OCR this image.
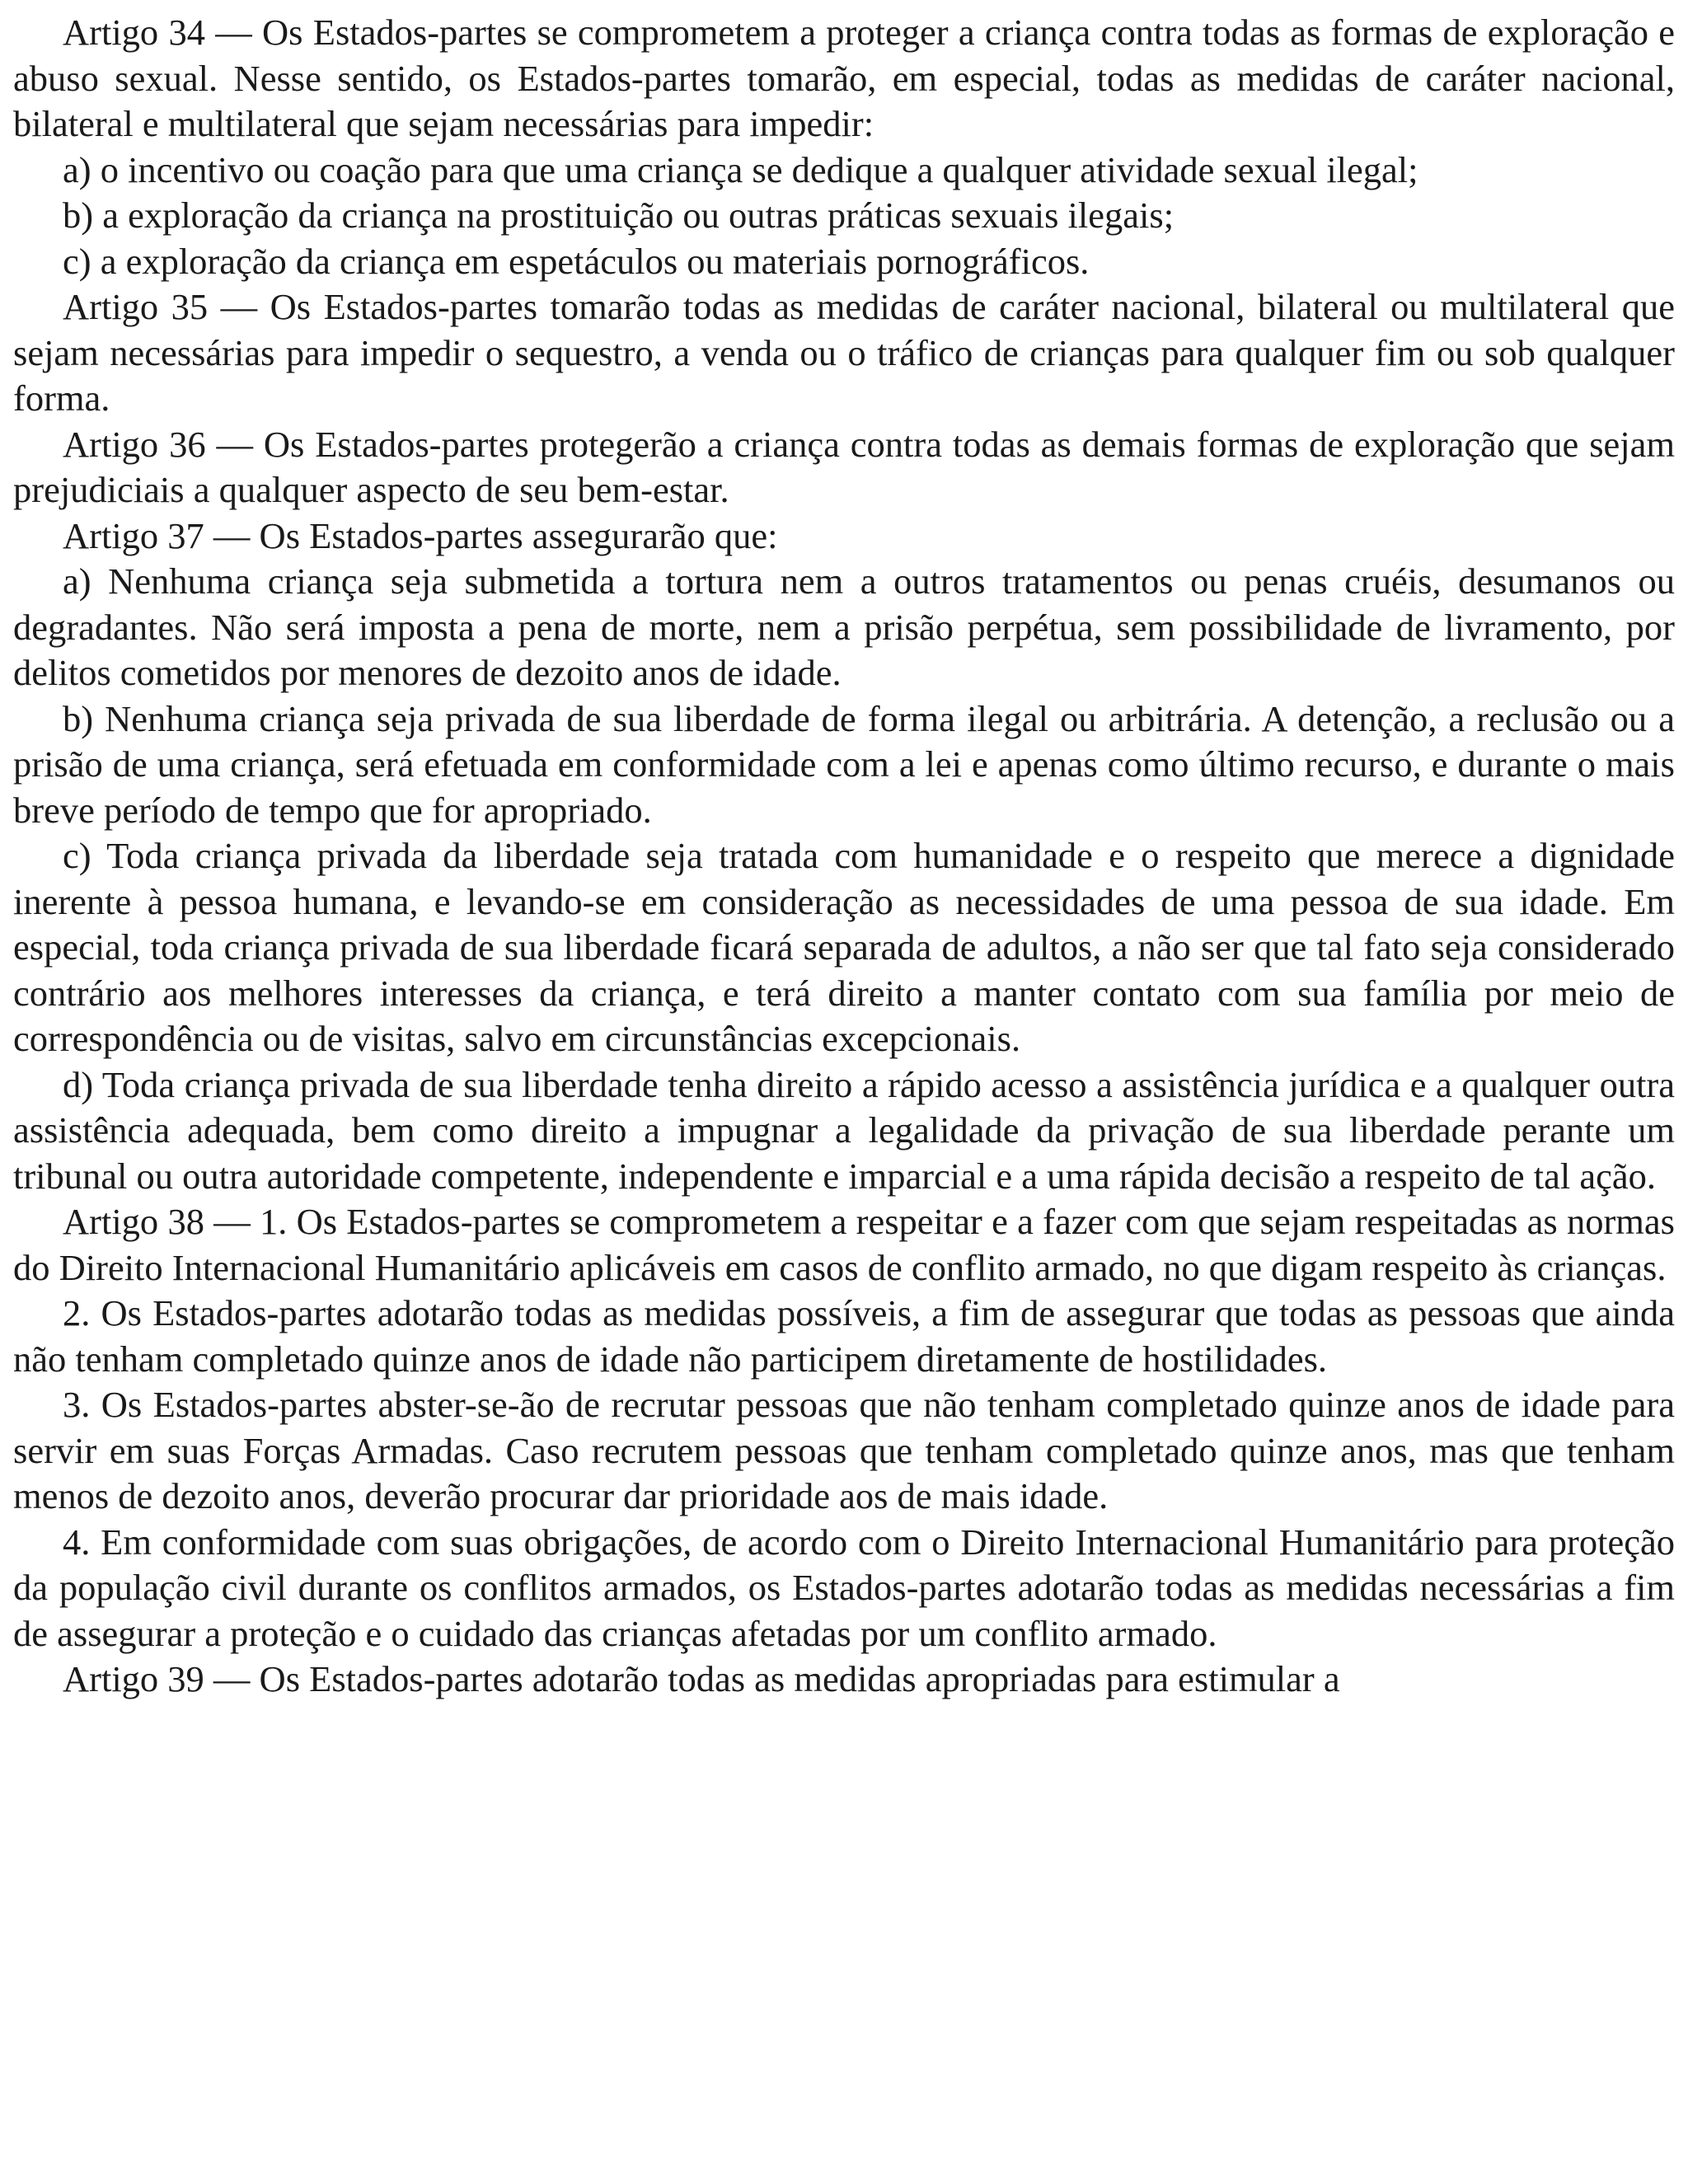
Artigo 34 — Os Estados-partes se comprometem a proteger a criança contra todas as formas de exploração e abuso sexual. Nesse sentido, os Estados-partes tomarão, em especial, todas as medidas de caráter nacional, bilateral e multilateral que sejam necessárias para impedir:

a) o incentivo ou coação para que uma criança se dedique a qualquer atividade sexual ilegal;

b) a exploração da criança na prostituição ou outras práticas sexuais ilegais;

c) a exploração da criança em espetáculos ou materiais pornográficos.

Artigo 35 — Os Estados-partes tomarão todas as medidas de caráter nacional, bilateral ou multilateral que sejam necessárias para impedir o sequestro, a venda ou o tráfico de crianças para qualquer fim ou sob qualquer forma.

Artigo 36 — Os Estados-partes protegerão a criança contra todas as demais formas de exploração que sejam prejudiciais a qualquer aspecto de seu bem-estar.

Artigo 37 — Os Estados-partes assegurarão que:

a) Nenhuma criança seja submetida a tortura nem a outros tratamentos ou penas cruéis, desumanos ou degradantes. Não será imposta a pena de morte, nem a prisão perpétua, sem possibilidade de livramento, por delitos cometidos por menores de dezoito anos de idade.

b) Nenhuma criança seja privada de sua liberdade de forma ilegal ou arbitrária. A detenção, a reclusão ou a prisão de uma criança, será efetuada em conformidade com a lei e apenas como último recurso, e durante o mais breve período de tempo que for apropriado.

c) Toda criança privada da liberdade seja tratada com humanidade e o respeito que merece a dignidade inerente à pessoa humana, e levando-se em consideração as necessidades de uma pessoa de sua idade. Em especial, toda criança privada de sua liberdade ficará separada de adultos, a não ser que tal fato seja considerado contrário aos melhores interesses da criança, e terá direito a manter contato com sua família por meio de correspondência ou de visitas, salvo em circunstâncias excepcionais.

d) Toda criança privada de sua liberdade tenha direito a rápido acesso a assistência jurídica e a qualquer outra assistência adequada, bem como direito a impugnar a legalidade da privação de sua liberdade perante um tribunal ou outra autoridade competente, independente e imparcial e a uma rápida decisão a respeito de tal ação.

Artigo 38 — 1. Os Estados-partes se comprometem a respeitar e a fazer com que sejam respeitadas as normas do Direito Internacional Humanitário aplicáveis em casos de conflito armado, no que digam respeito às crianças.

2. Os Estados-partes adotarão todas as medidas possíveis, a fim de assegurar que todas as pessoas que ainda não tenham completado quinze anos de idade não participem diretamente de hostilidades.

3. Os Estados-partes abster-se-ão de recrutar pessoas que não tenham completado quinze anos de idade para servir em suas Forças Armadas. Caso recrutem pessoas que tenham completado quinze anos, mas que tenham menos de dezoito anos, deverão procurar dar prioridade aos de mais idade.

4. Em conformidade com suas obrigações, de acordo com o Direito Internacional Humanitário para proteção da população civil durante os conflitos armados, os Estados-partes adotarão todas as medidas necessárias a fim de assegurar a proteção e o cuidado das crianças afetadas por um conflito armado.

Artigo 39 — Os Estados-partes adotarão todas as medidas apropriadas para estimular a
